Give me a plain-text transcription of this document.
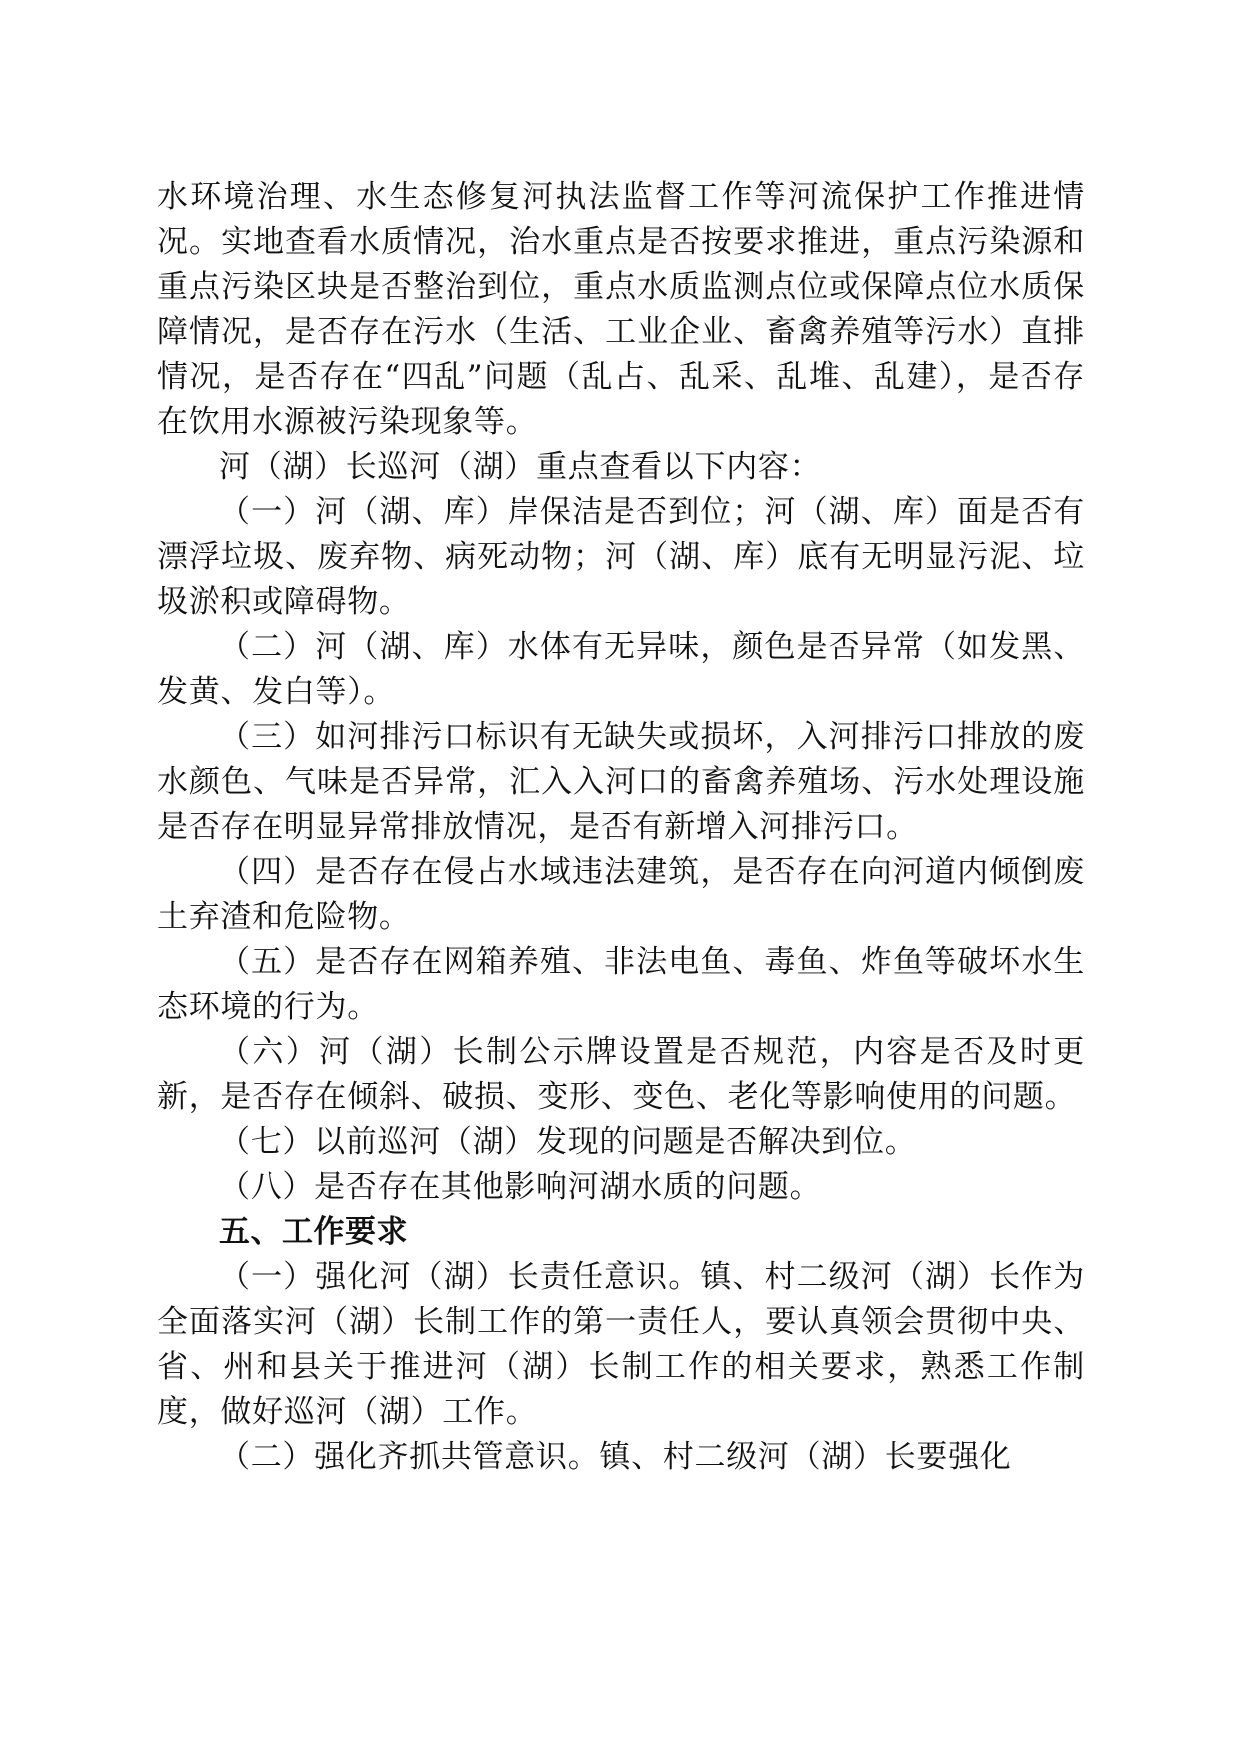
水环境治理、水生态修复河执法监督工作等河流保护工作推进情况。实地查看水质情况，治水重点是否按要求推进，重点污染源和重点污染区块是否整治到位，重点水质监测点位或保障点位水质保障情况，是否存在污水（生活、工业企业、畜禽养殖等污水）直排情况，是否存在“四乱”问题（乱占、乱采、乱堆、乱建），是否存在饮用水源被污染现象等。

河（湖）长巡河（湖）重点查看以下内容：

（一）河（湖、库）岸保洁是否到位；河（湖、库）面是否有漂浮垃圾、废弃物、病死动物；河（湖、库）底有无明显污泥、垃圾淤积或障碍物。

（二）河（湖、库）水体有无异味，颜色是否异常（如发黑、发黄、发白等）。

（三）如河排污口标识有无缺失或损坏，入河排污口排放的废水颜色、气味是否异常，汇入入河口的畜禽养殖场、污水处理设施是否存在明显异常排放情况，是否有新增入河排污口。

（四）是否存在侵占水域违法建筑，是否存在向河道内倾倒废土弃渣和危险物。

（五）是否存在网箱养殖、非法电鱼、毒鱼、炸鱼等破坏水生态环境的行为。

（六）河（湖）长制公示牌设置是否规范，内容是否及时更新，是否存在倾斜、破损、变形、变色、老化等影响使用的问题。

（七）以前巡河（湖）发现的问题是否解决到位。

（八）是否存在其他影响河湖水质的问题。

五、工作要求

（一）强化河（湖）长责任意识。镇、村二级河（湖）长作为全面落实河（湖）长制工作的第一责任人，要认真领会贯彻中央、省、州和县关于推进河（湖）长制工作的相关要求，熟悉工作制度，做好巡河（湖）工作。

（二）强化齐抓共管意识。镇、村二级河（湖）长要强化
